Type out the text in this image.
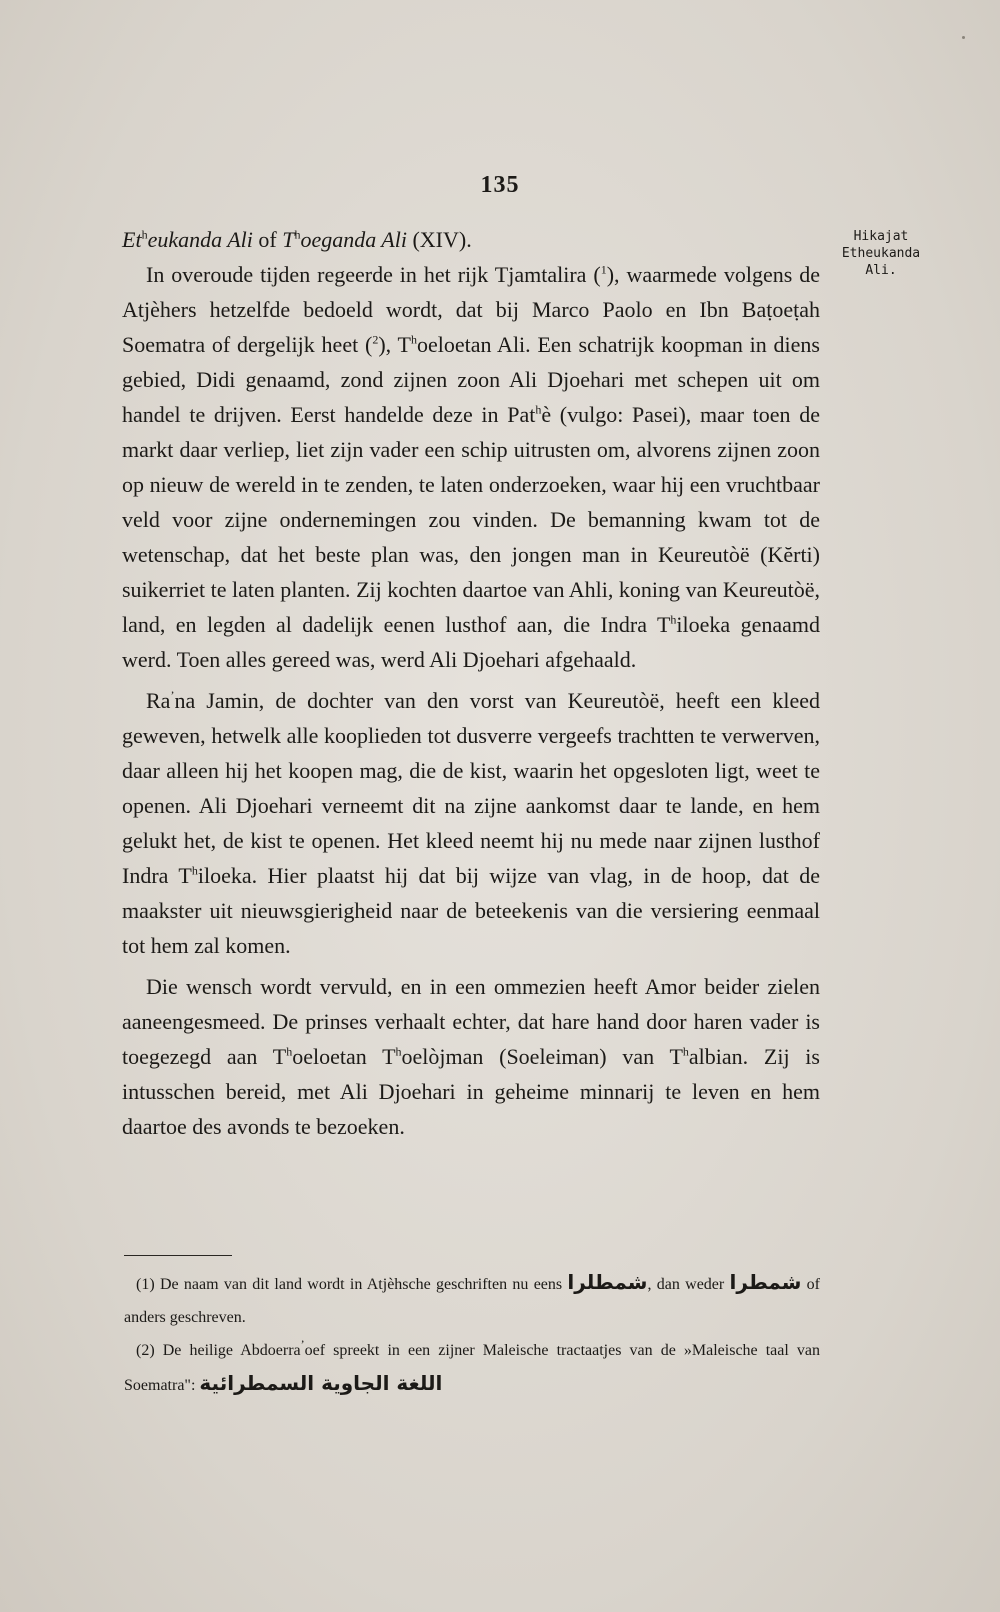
135
Hikajat
Etheukanda
Ali.

Et$^h$eukanda Ali of $T^hoeganda$ Ali (XIV).

In overoude tijden regeerde in het rijk Tjamtalira ($^1$), waarmede volgens de Atjèhers hetzelfde bedoeld wordt, dat bij Marco Paolo en Ibn Baṭoeṭah Soematra of dergelijk heet ($^2$), $T^hoeloetan$ Ali. Een schatrijk koopman in diens gebied, Didi genaamd, zond zijnen zoon Ali Djoehari met schepen uit om handel te drijven. Eerst handelde deze in Pat$^h$è (vulgo: Pasei), maar toen de markt daar verliep, liet zijn vader een schip uitrusten om, alvorens zijnen zoon op nieuw de wereld in te zenden, te laten onderzoeken, waar hij een vruchtbaar veld voor zijne ondernemingen zou vinden. De bemanning kwam tot de wetenschap, dat het beste plan was, den jongen man in Keureutòë (Kĕrti) suikerriet te laten planten. Zij kochten daartoe van Ahli, koning van Keureutòë, land, en legden al dadelijk eenen lusthof aan, die Indra $T^hiloeka$ genaamd werd. Toen alles gereed was, werd Ali Djoehari afgehaald.

$Ra^ʼna$ Jamin, de dochter van den vorst van Keureutòë, heeft een kleed geweven, hetwelk alle kooplieden tot dusverre vergeefs trachtten te verwerven, daar alleen hij het koopen mag, die de kist, waarin het opgesloten ligt, weet te openen. Ali Djoehari verneemt dit na zijne aankomst daar te lande, en hem gelukt het, de kist te openen. Het kleed neemt hij nu mede naar zijnen lusthof Indra $T^hiloeka$. Hier plaatst hij dat bij wijze van vlag, in de hoop, dat de maakster uit nieuwsgierigheid naar de beteekenis van die versiering eenmaal tot hem zal komen.

Die wensch wordt vervuld, en in een ommezien heeft Amor beider zielen aaneengesmeed. De prinses verhaalt echter, dat hare hand door haren vader is toegezegd aan $T^hoeloetan$ $T^hoelòjman$ (Soeleiman) van $T^halbian$. Zij is intusschen bereid, met Ali Djoehari in geheime minnarij te leven en hem daartoe des avonds te bezoeken.

(1) De naam van dit land wordt in Atjèhsche geschriften nu eens شمطلرا, dan weder شمطرا of anders geschreven.

(2) De heilige Abdoerra$^ʼ$oef spreekt in een zijner Maleische tractaatjes van de »Maleische taal van Soematra": اللغة الجاوية السمطرائية
